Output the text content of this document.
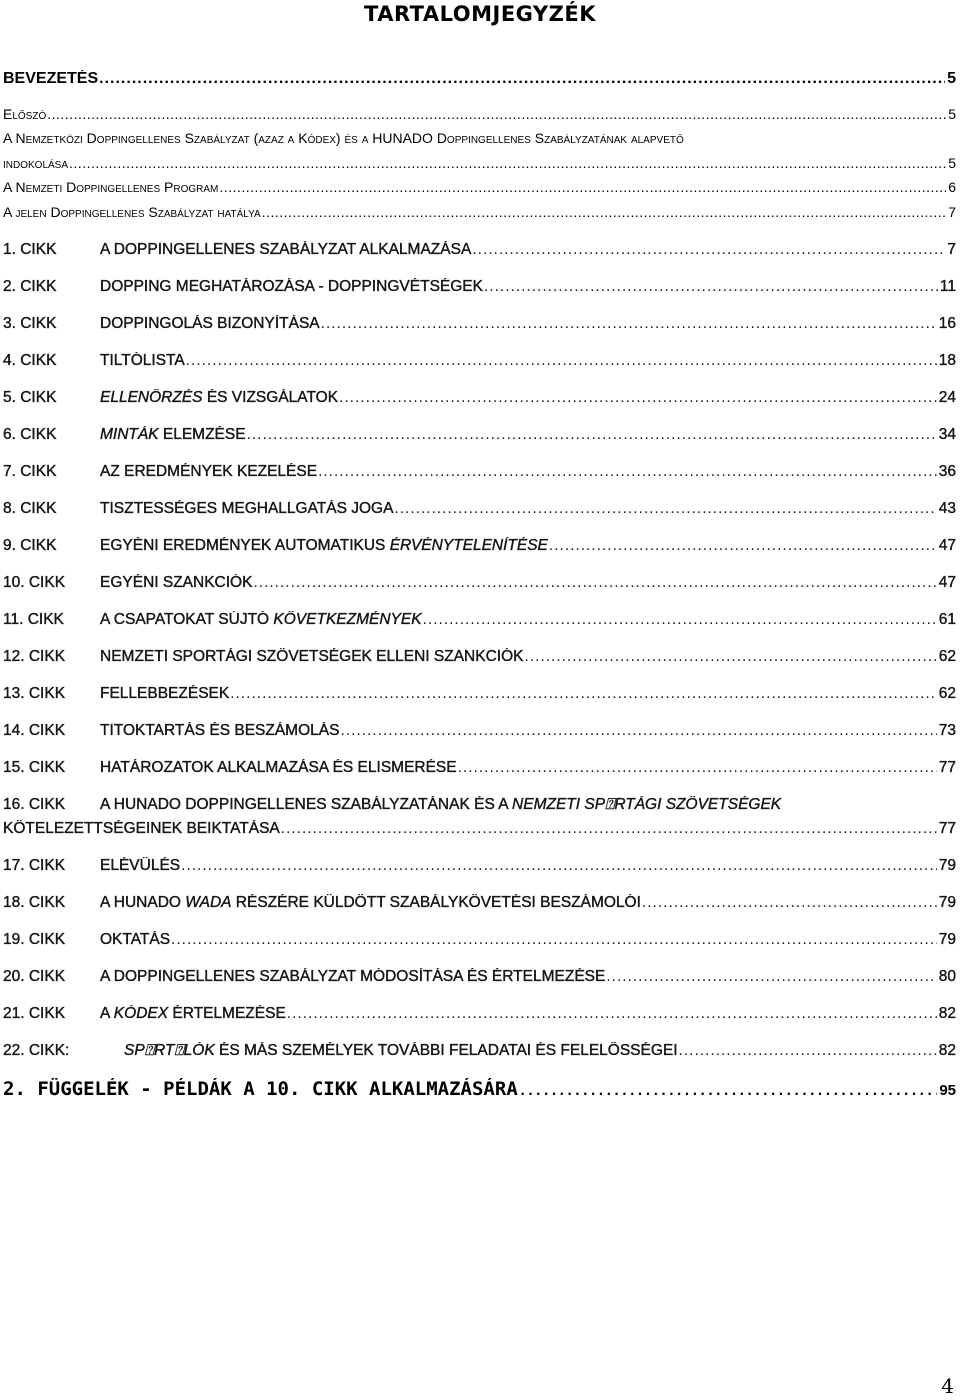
TARTALOMJEGYZÉK
BEVEZETÉS .....	5
Előszó .....	5
A Nemzetközi Doppingellenes Szabályzat (azaz a Kódex) és a HUNADO Doppingellenes Szabályzatának alapvető
indokolása .....	5
A Nemzeti Doppingellenes Program .....	6
A jelen Doppingellenes Szabályzat hatálya .....	7
1. CIKK	A DOPPINGELLENES SZABÁLYZAT ALKALMAZÁSA .....	7
2. CIKK	DOPPING MEGHATÁROZÁSA - DOPPINGVÉTSÉGEK .....	11
3. CIKK	DOPPINGOLÁS BIZONYÍTÁSA .....	16
4. CIKK	TILTÓLISTA .....	18
5. CIKK	ELLENŐRZÉS ÉS VIZSGÁLATOK .....	24
6. CIKK	MINTÁK ELEMZÉSE .....	34
7. CIKK	AZ EREDMÉNYEK KEZELÉSE .....	36
8. CIKK	TISZTESSÉGES MEGHALLGATÁS JOGA .....	43
9. CIKK	EGYÉNI EREDMÉNYEK AUTOMATIKUS ÉRVÉNYTELENÍTÉSE .....	47
10. CIKK	EGYÉNI SZANKCIÓK .....	47
11. CIKK	A CSAPATOKAT SÚJTÓ KÖVETKEZMÉNYEK .....	61
12. CIKK	NEMZETI SPORTÁGI SZÖVETSÉGEK ELLENI SZANKCIÓK .....	62
13. CIKK	FELLEBBEZÉSEK .....	62
14. CIKK	TITOKTARTÁS ÉS BESZÁMOLÁS .....	73
15. CIKK	HATÁROZATOK ALKALMAZÁSA ÉS ELISMERÉSE .....	77
16. CIKK	A HUNADO DOPPINGELLENES SZABÁLYZATÁNAK ÉS A NEMZETI SP⍰RTÁGI SZÖVETSÉGEK
KÖTELEZETTSÉGEINEK BEIKTATÁSA .....	77
17. CIKK	ELÉVÜLÉS .....	79
18. CIKK	A HUNADO WADA RÉSZÉRE KÜLDÖTT SZABÁLYKÖVETÉSI BESZÁMOLÓI .....	79
19. CIKK	OKTATÁS .....	79
20. CIKK	A DOPPINGELLENES SZABÁLYZAT MÓDOSÍTÁSA ÉS ÉRTELMEZÉSE .....	80
21. CIKK	A KÓDEX ÉRTELMEZÉSE .....	82
22. CIKK:	SP⍰RT⍰LÓK ÉS MÁS SZEMÉLYEK TOVÁBBI FELADATAI ÉS FELELŐSSÉGEI .....	82
2. FÜGGELÉK - PÉLDÁK A 10. CIKK ALKALMAZÁSÁRA .....	95
4
